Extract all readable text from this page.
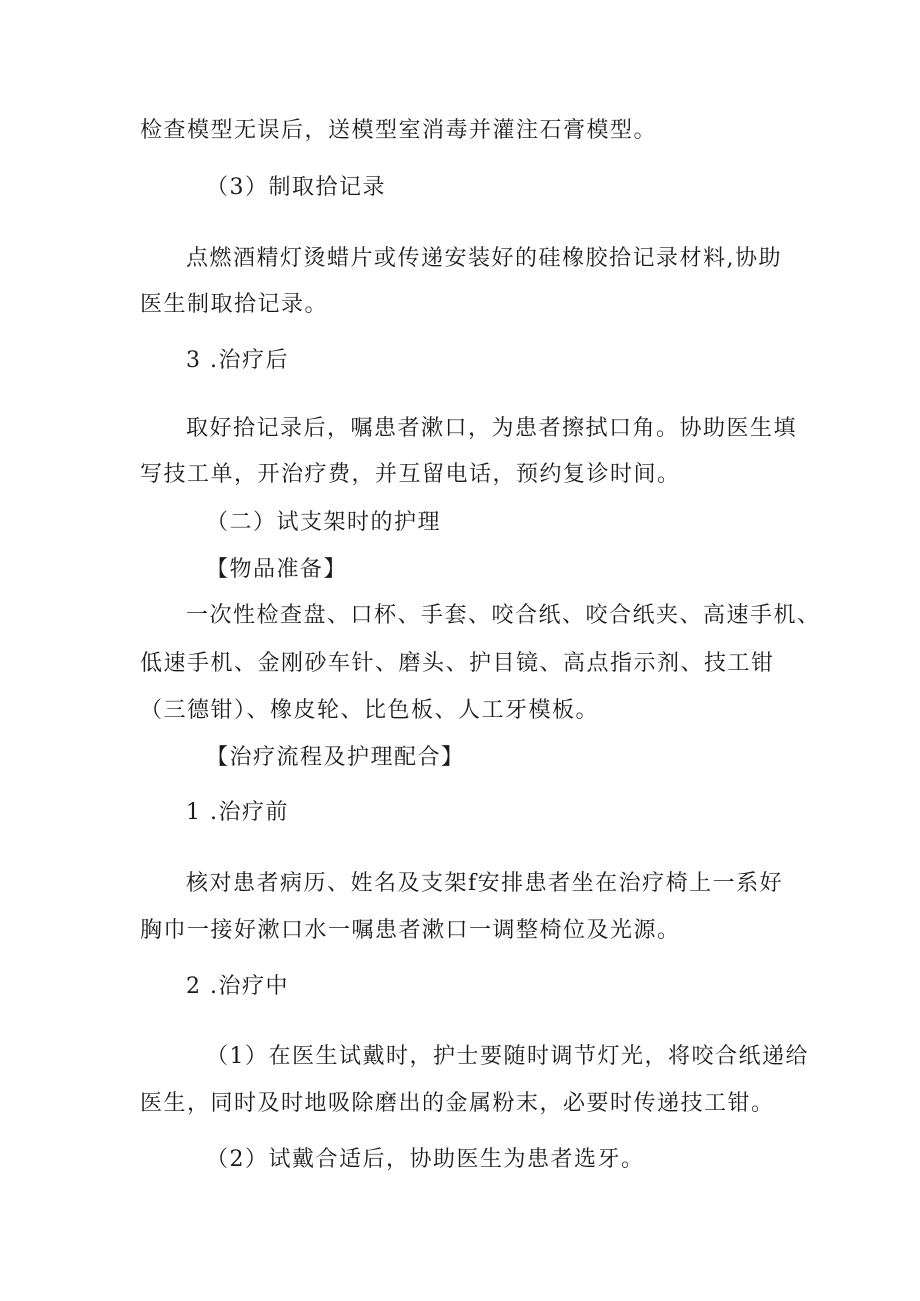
检查模型无误后，送模型室消毒并灌注石膏模型。
（3）制取拾记录
点燃酒精灯烫蜡片或传递安装好的硅橡胶拾记录材料,协助
医生制取拾记录。
3 .治疗后
取好拾记录后，嘱患者漱口，为患者擦拭口角。协助医生填
写技工单，开治疗费，并互留电话，预约复诊时间。
（二）试支架时的护理
【物品准备】
一次性检查盘、口杯、手套、咬合纸、咬合纸夹、高速手机、
低速手机、金刚砂车针、磨头、护目镜、高点指示剂、技工钳
（三德钳）、橡皮轮、比色板、人工牙模板。
【治疗流程及护理配合】
1 .治疗前
核对患者病历、姓名及支架f安排患者坐在治疗椅上一系好
胸巾一接好漱口水一嘱患者漱口一调整椅位及光源。
2 .治疗中
（1）在医生试戴时，护士要随时调节灯光，将咬合纸递给
医生，同时及时地吸除磨出的金属粉末，必要时传递技工钳。
（2）试戴合适后，协助医生为患者选牙。
